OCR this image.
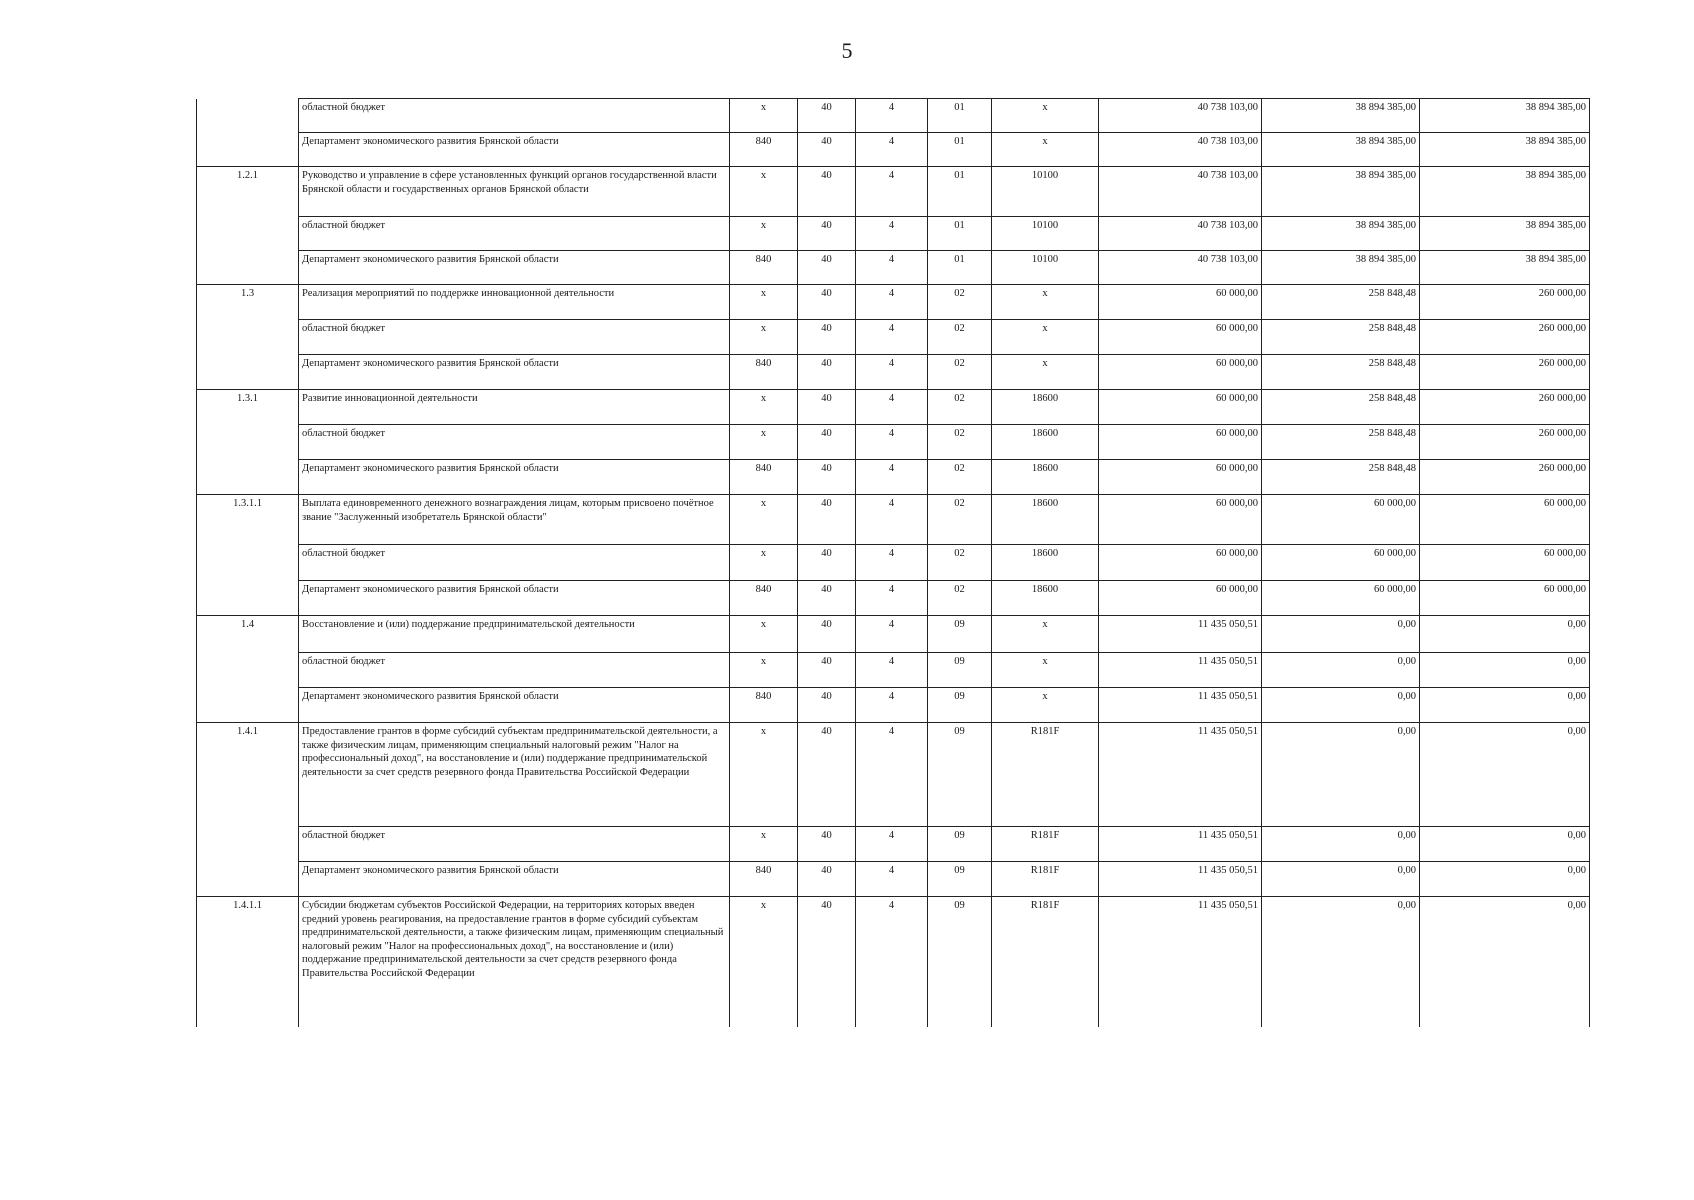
5
	областной бюджет	х	40	4	01	х	40 738 103,00	38 894 385,00	38 894 385,00
	Департамент экономического развития Брянской области	840	40	4	01	х	40 738 103,00	38 894 385,00	38 894 385,00
1.2.1	Руководство и управление в сфере установленных функций органов государственной власти Брянской области и государственных органов Брянской области	х	40	4	01	10100	40 738 103,00	38 894 385,00	38 894 385,00
	областной бюджет	х	40	4	01	10100	40 738 103,00	38 894 385,00	38 894 385,00
	Департамент экономического развития Брянской области	840	40	4	01	10100	40 738 103,00	38 894 385,00	38 894 385,00
1.3	Реализация мероприятий по поддержке инновационной деятельности	х	40	4	02	х	60 000,00	258 848,48	260 000,00
	областной бюджет	х	40	4	02	х	60 000,00	258 848,48	260 000,00
	Департамент экономического развития Брянской области	840	40	4	02	х	60 000,00	258 848,48	260 000,00
1.3.1	Развитие инновационной деятельности	х	40	4	02	18600	60 000,00	258 848,48	260 000,00
	областной бюджет	х	40	4	02	18600	60 000,00	258 848,48	260 000,00
	Департамент экономического развития Брянской области	840	40	4	02	18600	60 000,00	258 848,48	260 000,00
1.3.1.1	Выплата единовременного денежного вознаграждения лицам, которым присвоено почётное звание "Заслуженный изобретатель Брянской области"	х	40	4	02	18600	60 000,00	60 000,00	60 000,00
	областной бюджет	х	40	4	02	18600	60 000,00	60 000,00	60 000,00
	Департамент экономического развития Брянской области	840	40	4	02	18600	60 000,00	60 000,00	60 000,00
1.4	Восстановление и (или) поддержание предпринимательской деятельности	х	40	4	09	х	11 435 050,51	0,00	0,00
	областной бюджет	х	40	4	09	х	11 435 050,51	0,00	0,00
	Департамент экономического развития Брянской области	840	40	4	09	х	11 435 050,51	0,00	0,00
1.4.1	Предоставление грантов в форме субсидий субъектам предпринимательской деятельности, а также физическим лицам, применяющим специальный налоговый режим "Налог на профессиональный доход", на восстановление и (или) поддержание предпринимательской деятельности за счет средств резервного фонда Правительства Российской Федерации	х	40	4	09	R181F	11 435 050,51	0,00	0,00
	областной бюджет	х	40	4	09	R181F	11 435 050,51	0,00	0,00
	Департамент экономического развития Брянской области	840	40	4	09	R181F	11 435 050,51	0,00	0,00
1.4.1.1	Субсидии бюджетам субъектов Российской Федерации, на территориях которых введен средний уровень реагирования, на предоставление грантов в форме субсидий субъектам предпринимательской деятельности, а также физическим лицам, применяющим специальный налоговый режим "Налог на профессиональных доход", на восстановление и (или) поддержание предпринимательской деятельности за счет средств резервного фонда Правительства Российской Федерации	х	40	4	09	R181F	11 435 050,51	0,00	0,00
